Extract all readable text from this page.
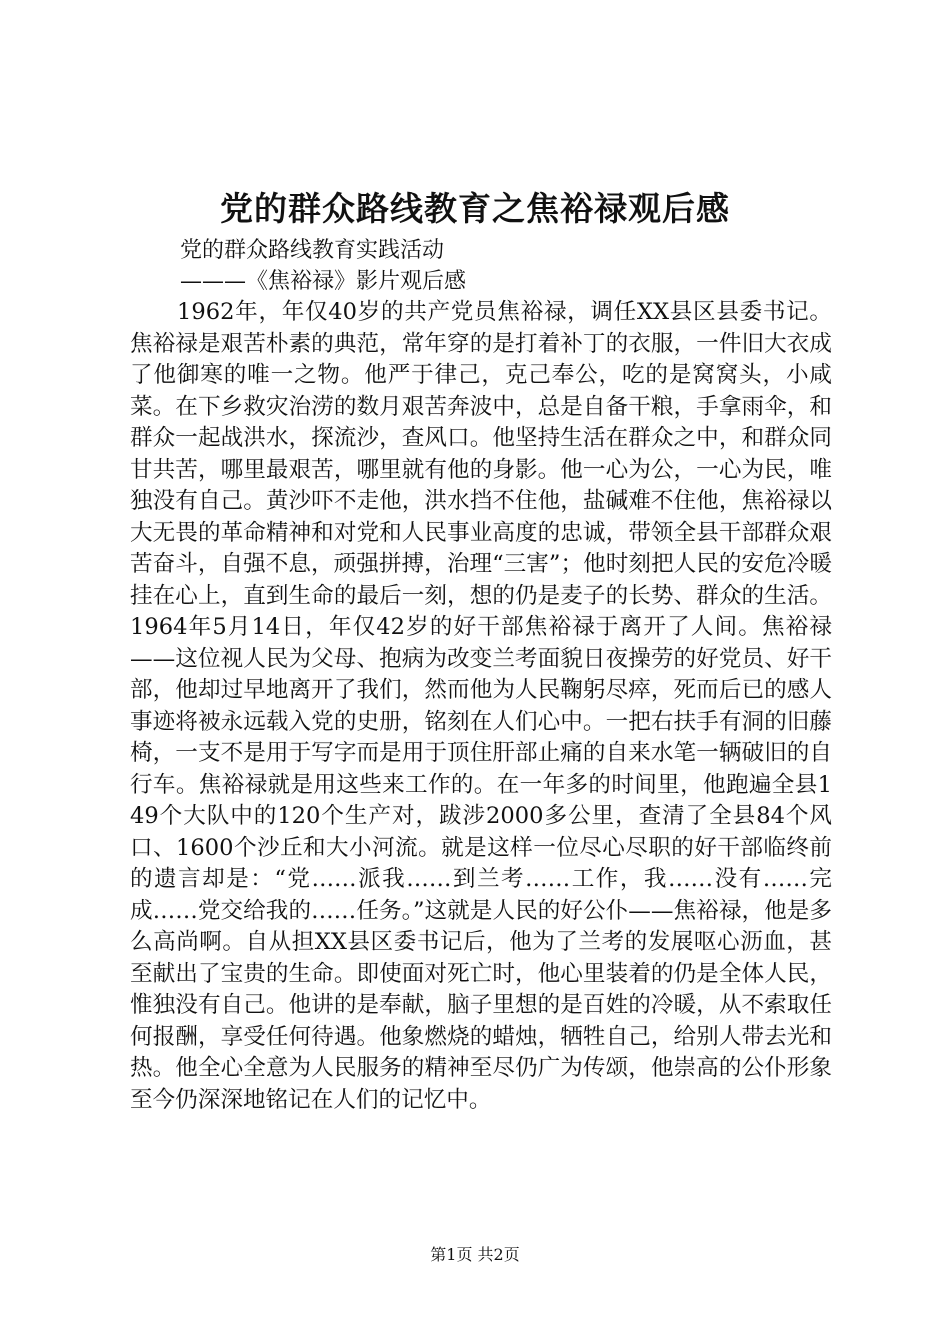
党的群众路线教育之焦裕禄观后感

党的群众路线教育实践活动

———《焦裕禄》影片观后感

1962年，年仅40岁的共产党员焦裕禄，调任XX县区县委书记。焦裕禄是艰苦朴素的典范，常年穿的是打着补丁的衣服，一件旧大衣成了他御寒的唯一之物。他严于律己，克己奉公，吃的是窝窝头，小咸菜。在下乡救灾治涝的数月艰苦奔波中，总是自备干粮，手拿雨伞，和群众一起战洪水，探流沙，查风口。他坚持生活在群众之中，和群众同甘共苦，哪里最艰苦，哪里就有他的身影。他一心为公，一心为民，唯独没有自己。黄沙吓不走他，洪水挡不住他，盐碱难不住他，焦裕禄以大无畏的革命精神和对党和人民事业高度的忠诚，带领全县干部群众艰苦奋斗，自强不息，顽强拼搏，治理“三害”；他时刻把人民的安危冷暖挂在心上，直到生命的最后一刻，想的仍是麦子的长势、群众的生活。1964年5月14日，年仅42岁的好干部焦裕禄于离开了人间。焦裕禄——这位视人民为父母、抱病为改变兰考面貌日夜操劳的好党员、好干部，他却过早地离开了我们，然而他为人民鞠躬尽瘁，死而后已的感人事迹将被永远载入党的史册，铭刻在人们心中。一把右扶手有洞的旧藤椅，一支不是用于写字而是用于顶住肝部止痛的自来水笔一辆破旧的自行车。焦裕禄就是用这些来工作的。在一年多的时间里，他跑遍全县149个大队中的120个生产对，跋涉2000多公里，查清了全县84个风口、1600个沙丘和大小河流。就是这样一位尽心尽职的好干部临终前的遗言却是：“党……派我……到兰考……工作，我……没有……完成……党交给我的……任务。”这就是人民的好公仆——焦裕禄，他是多么高尚啊。自从担XX县区委书记后，他为了兰考的发展呕心沥血，甚至献出了宝贵的生命。即使面对死亡时，他心里装着的仍是全体人民，惟独没有自己。他讲的是奉献，脑子里想的是百姓的冷暖，从不索取任何报酬，享受任何待遇。他象燃烧的蜡烛，牺牲自己，给别人带去光和热。他全心全意为人民服务的精神至尽仍广为传颂，他崇高的公仆形象至今仍深深地铭记在人们的记忆中。

第1页 共2页
